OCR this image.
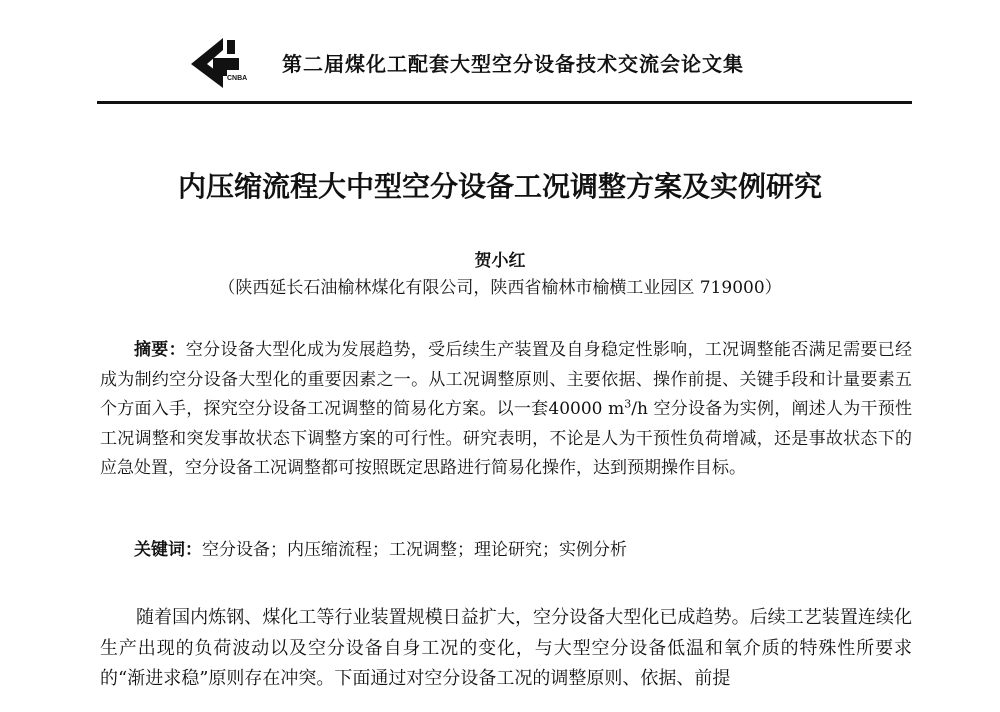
CNBA
第二届煤化工配套大型空分设备技术交流会论文集
内压缩流程大中型空分设备工况调整方案及实例研究
贺小红
（陕西延长石油榆林煤化有限公司，陕西省榆林市榆横工业园区 719000）
摘要：空分设备大型化成为发展趋势，受后续生产装置及自身稳定性影响，工况调整能否满足需要已经成为制约空分设备大型化的重要因素之一。从工况调整原则、主要依据、操作前提、关键手段和计量要素五个方面入手，探究空分设备工况调整的简易化方案。以一套40000 $m^3/h$ 空分设备为实例，阐述人为干预性工况调整和突发事故状态下调整方案的可行性。研究表明，不论是人为干预性负荷增减，还是事故状态下的应急处置，空分设备工况调整都可按照既定思路进行简易化操作，达到预期操作目标。
关键词：空分设备；内压缩流程；工况调整；理论研究；实例分析
随着国内炼钢、煤化工等行业装置规模日益扩大，空分设备大型化已成趋势。后续工艺装置连续化生产出现的负荷波动以及空分设备自身工况的变化，与大型空分设备低温和氧介质的特殊性所要求的“渐进求稳”原则存在冲突。下面通过对空分设备工况的调整原则、依据、前提
